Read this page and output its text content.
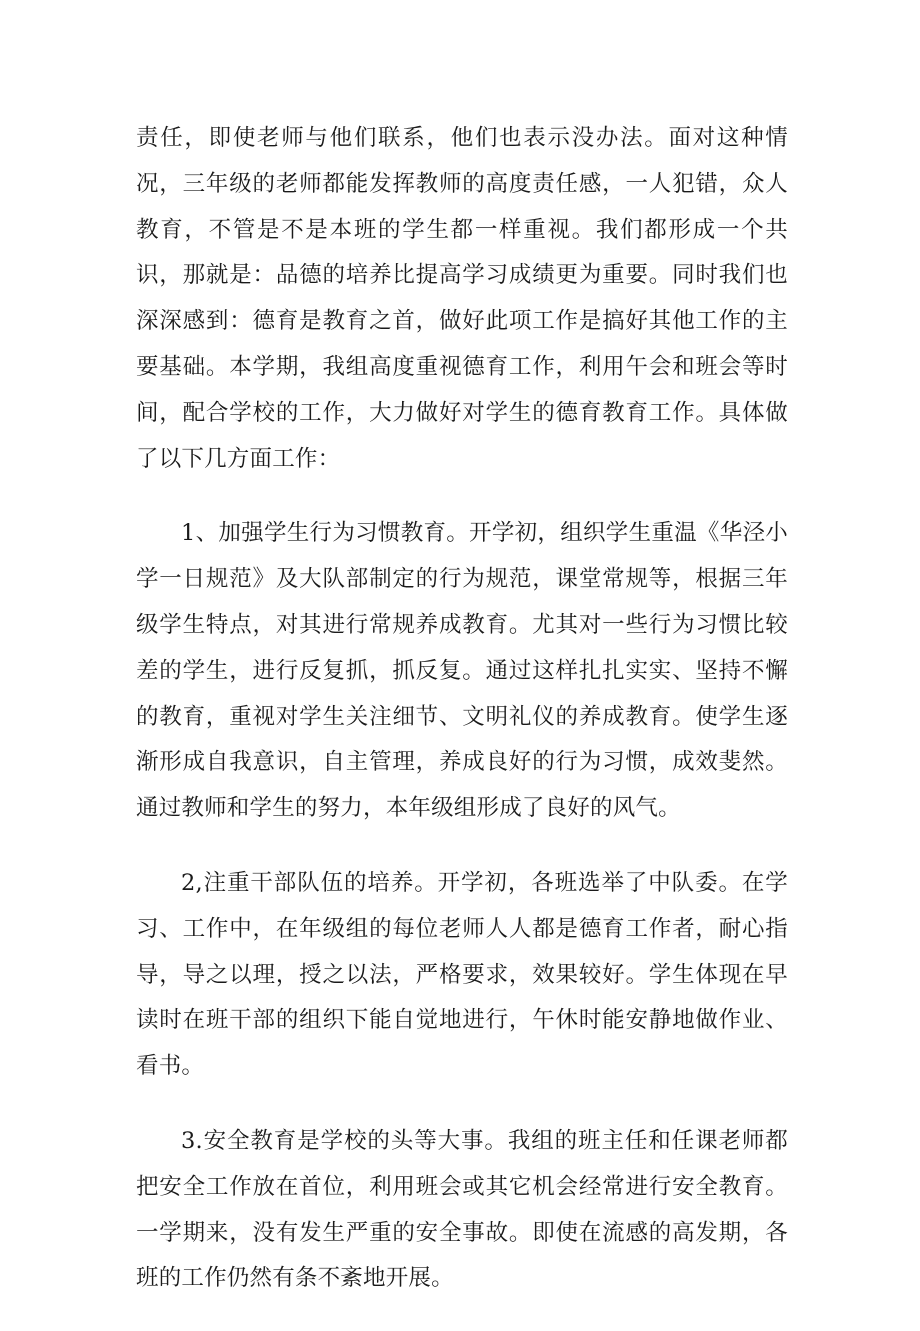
责任，即使老师与他们联系，他们也表示没办法。面对这种情况，三年级的老师都能发挥教师的高度责任感，一人犯错，众人教育，不管是不是本班的学生都一样重视。我们都形成一个共识，那就是：品德的培养比提高学习成绩更为重要。同时我们也深深感到：德育是教育之首，做好此项工作是搞好其他工作的主要基础。本学期，我组高度重视德育工作，利用午会和班会等时间，配合学校的工作，大力做好对学生的德育教育工作。具体做了以下几方面工作：

1、加强学生行为习惯教育。开学初，组织学生重温《华泾小学一日规范》及大队部制定的行为规范，课堂常规等，根据三年级学生特点，对其进行常规养成教育。尤其对一些行为习惯比较差的学生，进行反复抓，抓反复。通过这样扎扎实实、坚持不懈的教育，重视对学生关注细节、文明礼仪的养成教育。使学生逐渐形成自我意识，自主管理，养成良好的行为习惯，成效斐然。通过教师和学生的努力，本年级组形成了良好的风气。

2,注重干部队伍的培养。开学初，各班选举了中队委。在学习、工作中，在年级组的每位老师人人都是德育工作者，耐心指导，导之以理，授之以法，严格要求，效果较好。学生体现在早读时在班干部的组织下能自觉地进行，午休时能安静地做作业、看书。

3.安全教育是学校的头等大事。我组的班主任和任课老师都把安全工作放在首位，利用班会或其它机会经常进行安全教育。一学期来，没有发生严重的安全事故。即使在流感的高发期，各班的工作仍然有条不紊地开展。
